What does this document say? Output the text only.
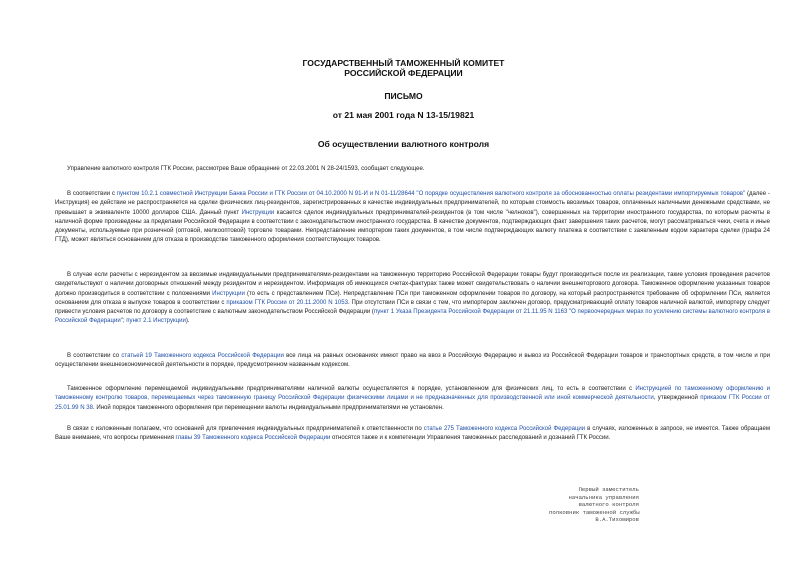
ГОСУДАРСТВЕННЫЙ ТАМОЖЕННЫЙ КОМИТЕТ
РОССИЙСКОЙ ФЕДЕРАЦИИ
ПИСЬМО
от 21 мая 2001 года N 13-15/19821
Об осуществлении валютного контроля
Управление валютного контроля ГТК России, рассмотрев Ваше обращение от 22.03.2001 N 28-24/1593, сообщает следующее.
В соответствии с пунктом 10.2.1 совместной Инструкции Банка России и ГТК России от 04.10.2000 N 91-И и N 01-11/28644 "О порядке осуществления валютного контроля за обоснованностью оплаты резидентами импортируемых товаров" (далее - Инструкция) ее действие не распространяется на сделки физических лиц-резидентов, зарегистрированных в качестве индивидуальных предпринимателей, по которым стоимость ввозимых товаров, оплаченных наличными денежными средствами, не превышает в эквиваленте 10000 долларов США. Данный пункт Инструкции касается сделок индивидуальных предпринимателей-резидентов (в том числе "челноков"), совершенных на территории иностранного государства, по которым расчеты в наличной форме произведены за пределами Российской Федерации в соответствии с законодательством иностранного государства. В качестве документов, подтверждающих факт завершения таких расчетов, могут рассматриваться чеки, счета и иные документы, используемые при розничной (оптовой, мелкооптовой) торговле товарами. Непредставление импортером таких документов, в том числе подтверждающих валюту платежа в соответствии с заявленным кодом характера сделки (графа 24 ГТД), может являться основанием для отказа в производстве таможенного оформления соответствующих товаров.
В случае если расчеты с нерезидентом за ввозимые индивидуальными предпринимателями-резидентами на таможенную территорию Российской Федерации товары будут производиться после их реализации, такие условия проведения расчетов свидетельствуют о наличии договорных отношений между резидентом и нерезидентом. Информация об имеющихся счетах-фактурах также может свидетельствовать о наличии внешнеторгового договора. Таможенное оформление указанных товаров должно производиться в соответствии с положениями Инструкции (то есть с представлением ПСи). Непредставление ПСи при таможенном оформлении товаров по договору, на который распространяется требование об оформлении ПСи, является основанием для отказа в выпуске товаров в соответствии с приказом ГТК России от 20.11.2000 N 1053. При отсутствии ПСи в связи с тем, что импортером заключен договор, предусматривающий оплату товаров наличной валютой, импортеру следует привести условия расчетов по договору в соответствие с валютным законодательством Российской Федерации (пункт 1 Указа Президента Российской Федерации от 21.11.95 N 1163 "О первоочередных мерах по усилению системы валютного контроля в Российской Федерации"; пункт 2.1 Инструкции).
В соответствии со статьей 19 Таможенного кодекса Российской Федерации все лица на равных основаниях имеют право на ввоз в Российскую Федерацию и вывоз из Российской Федерации товаров и транспортных средств, в том числе и при осуществлении внешнеэкономической деятельности в порядке, предусмотренном названным кодексом.
Таможенное оформление перемещаемой индивидуальными предпринимателями наличной валюты осуществляется в порядке, установленном для физических лиц, то есть в соответствии с Инструкцией по таможенному оформлению и таможенному контролю товаров, перемещаемых через таможенную границу Российской Федерации физическими лицами и не предназначенных для производственной или иной коммерческой деятельности, утвержденной приказом ГТК России от 25.01.99 N 38. Иной порядок таможенного оформления при перемещении валюты индивидуальными предпринимателями не установлен.
В связи с изложенным полагаем, что оснований для привлечения индивидуальных предпринимателей к ответственности по статье 275 Таможенного кодекса Российской Федерации в случаях, изложенных в запросе, не имеется. Также обращаем Ваше внимание, что вопросы применения главы 39 Таможенного кодекса Российской Федерации относятся также и к компетенции Управления таможенных расследований и дознаний ГТК России.
Первый заместитель
начальника управления
валютного контроля
полковник таможенной службы
В.А.Тихомиров
